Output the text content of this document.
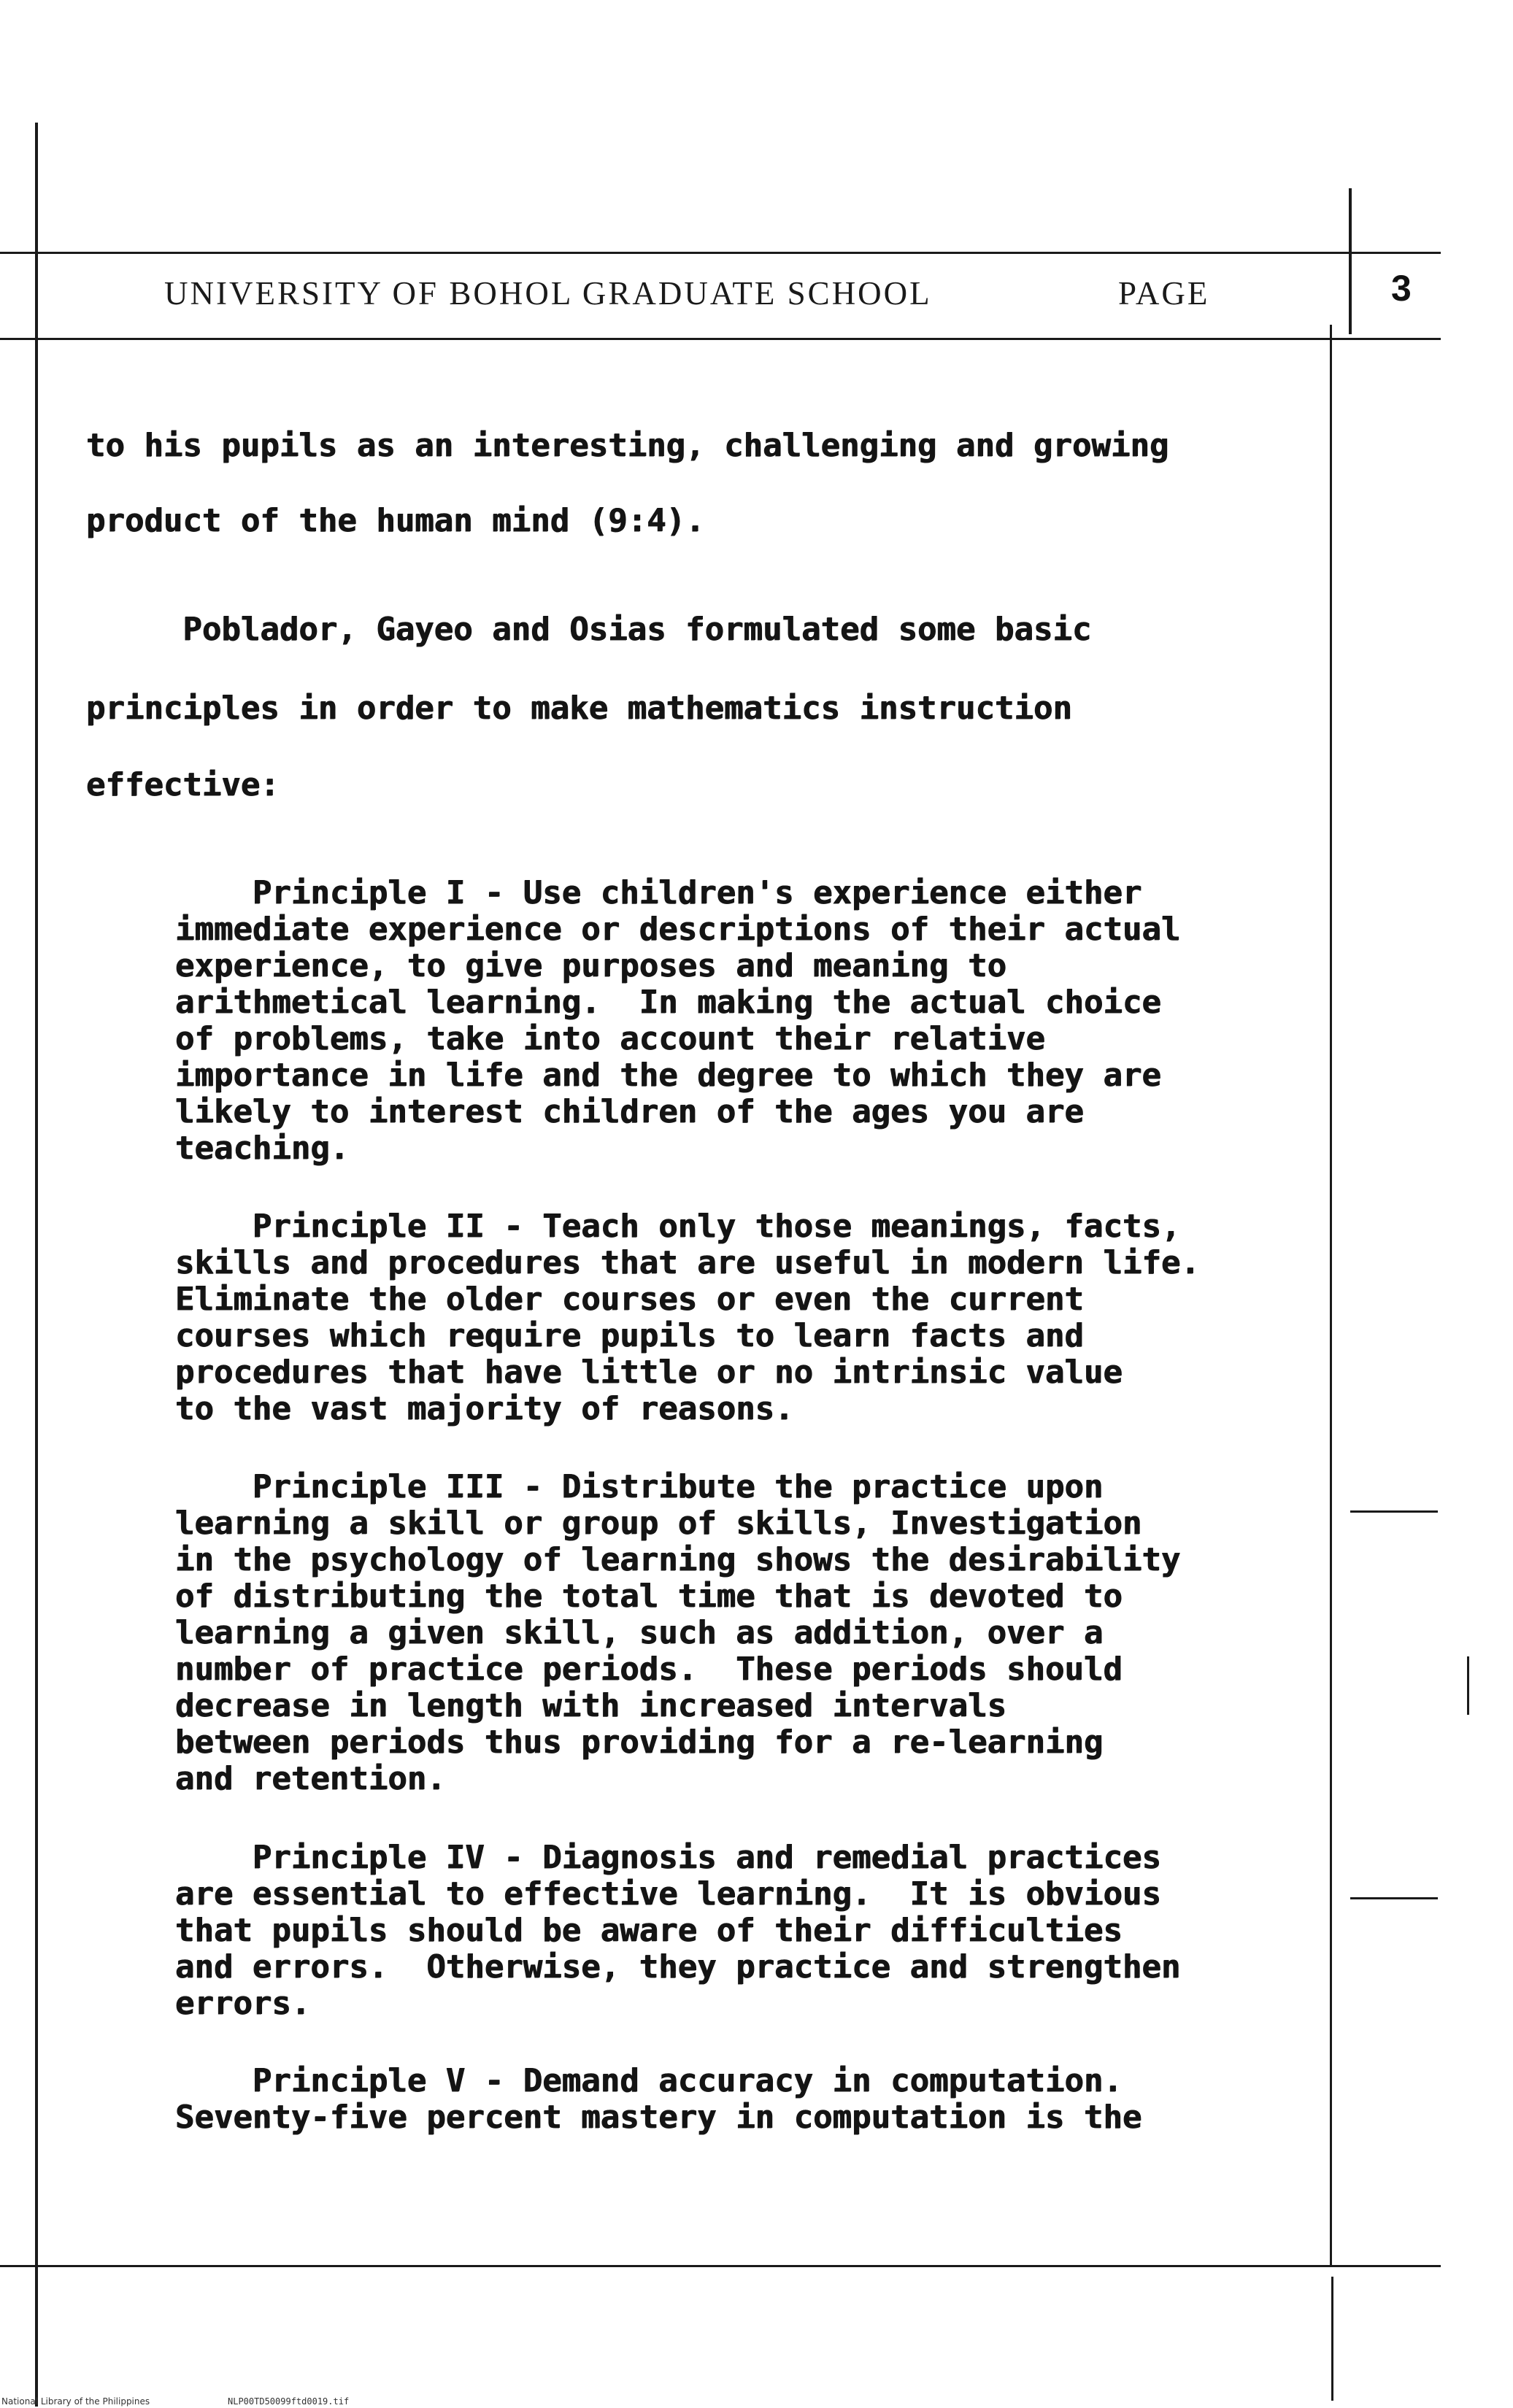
UNIVERSITY OF BOHOL GRADUATE SCHOOL	PAGE	3
to his pupils as an interesting, challenging and growing
product of the human mind (9:4).
Poblador, Gayeo and Osias formulated some basic
principles in order to make mathematics instruction
effective:
Principle I - Use children's experience either
immediate experience or descriptions of their actual
experience, to give purposes and meaning to
arithmetical learning.  In making the actual choice
of problems, take into account their relative
importance in life and the degree to which they are
likely to interest children of the ages you are
teaching.
Principle II - Teach only those meanings, facts,
skills and procedures that are useful in modern life.
Eliminate the older courses or even the current
courses which require pupils to learn facts and
procedures that have little or no intrinsic value
to the vast majority of reasons.
Principle III - Distribute the practice upon
learning a skill or group of skills, Investigation
in the psychology of learning shows the desirability
of distributing the total time that is devoted to
learning a given skill, such as addition, over a
number of practice periods.  These periods should
decrease in length with increased intervals
between periods thus providing for a re-learning
and retention.
Principle IV - Diagnosis and remedial practices
are essential to effective learning.  It is obvious
that pupils should be aware of their difficulties
and errors.  Otherwise, they practice and strengthen
errors.
Principle V - Demand accuracy in computation.
Seventy-five percent mastery in computation is the
National Library of the Philippines	NLP00TD50099ftd0019.tif
